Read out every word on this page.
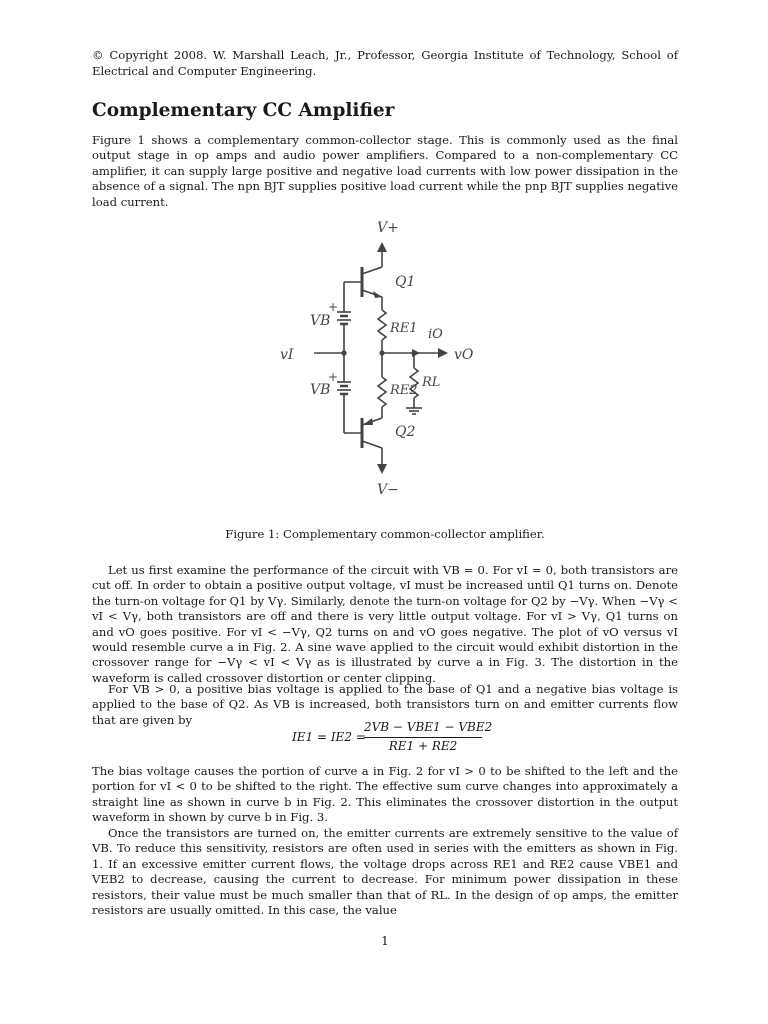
© Copyright 2008. W. Marshall Leach, Jr., Professor, Georgia Institute of Technology, School of Electrical and Computer Engineering.
Complementary CC Amplifier

Figure 1 shows a complementary common-collector stage. This is commonly used as the final output stage in op amps and audio power amplifiers. Compared to a non-complementary CC amplifier, it can supply large positive and negative load currents with low power dissipation in the absence of a signal. The npn BJT supplies positive load current while the pnp BJT supplies negative load current.

V+
Q1
+
VB	RE1 iO
vI	vO
+
VB	RE2
RL
Q2
V−
Figure 1: Complementary common-collector amplifier.

Let us first examine the performance of the circuit with VB = 0. For vI = 0, both transistors are cut off. In order to obtain a positive output voltage, vI must be increased until Q1 turns on. Denote the turn-on voltage for Q1 by Vγ. Similarly, denote the turn-on voltage for Q2 by −Vγ. When −Vγ < vI < Vγ, both transistors are off and there is very little output voltage. For vI > Vγ, Q1 turns on and vO goes positive. For vI < −Vγ, Q2 turns on and vO goes negative. The plot of vO versus vI would resemble curve a in Fig. 2. A sine wave applied to the circuit would exhibit distortion in the crossover range for −Vγ < vI < Vγ as is illustrated by curve a in Fig. 3. The distortion in the waveform is called crossover distortion or center clipping.

For VB > 0, a positive bias voltage is applied to the base of Q1 and a negative bias voltage is applied to the base of Q2. As VB is increased, both transistors turn on and emitter currents flow that are given by

IE1 = IE2 =
2VB − VBE1 − VBE2
RE1 + RE2

The bias voltage causes the portion of curve a in Fig. 2 for vI > 0 to be shifted to the left and the portion for vI < 0 to be shifted to the right. The effective sum curve changes into approximately a straight line as shown in curve b in Fig. 2. This eliminates the crossover distortion in the output waveform in shown by curve b in Fig. 3.

Once the transistors are turned on, the emitter currents are extremely sensitive to the value of VB. To reduce this sensitivity, resistors are often used in series with the emitters as shown in Fig. 1. If an excessive emitter current flows, the voltage drops across RE1 and RE2 cause VBE1 and VEB2 to decrease, causing the current to decrease. For minimum power dissipation in these resistors, their value must be much smaller than that of RL. In the design of op amps, the emitter resistors are usually omitted. In this case, the value

1
